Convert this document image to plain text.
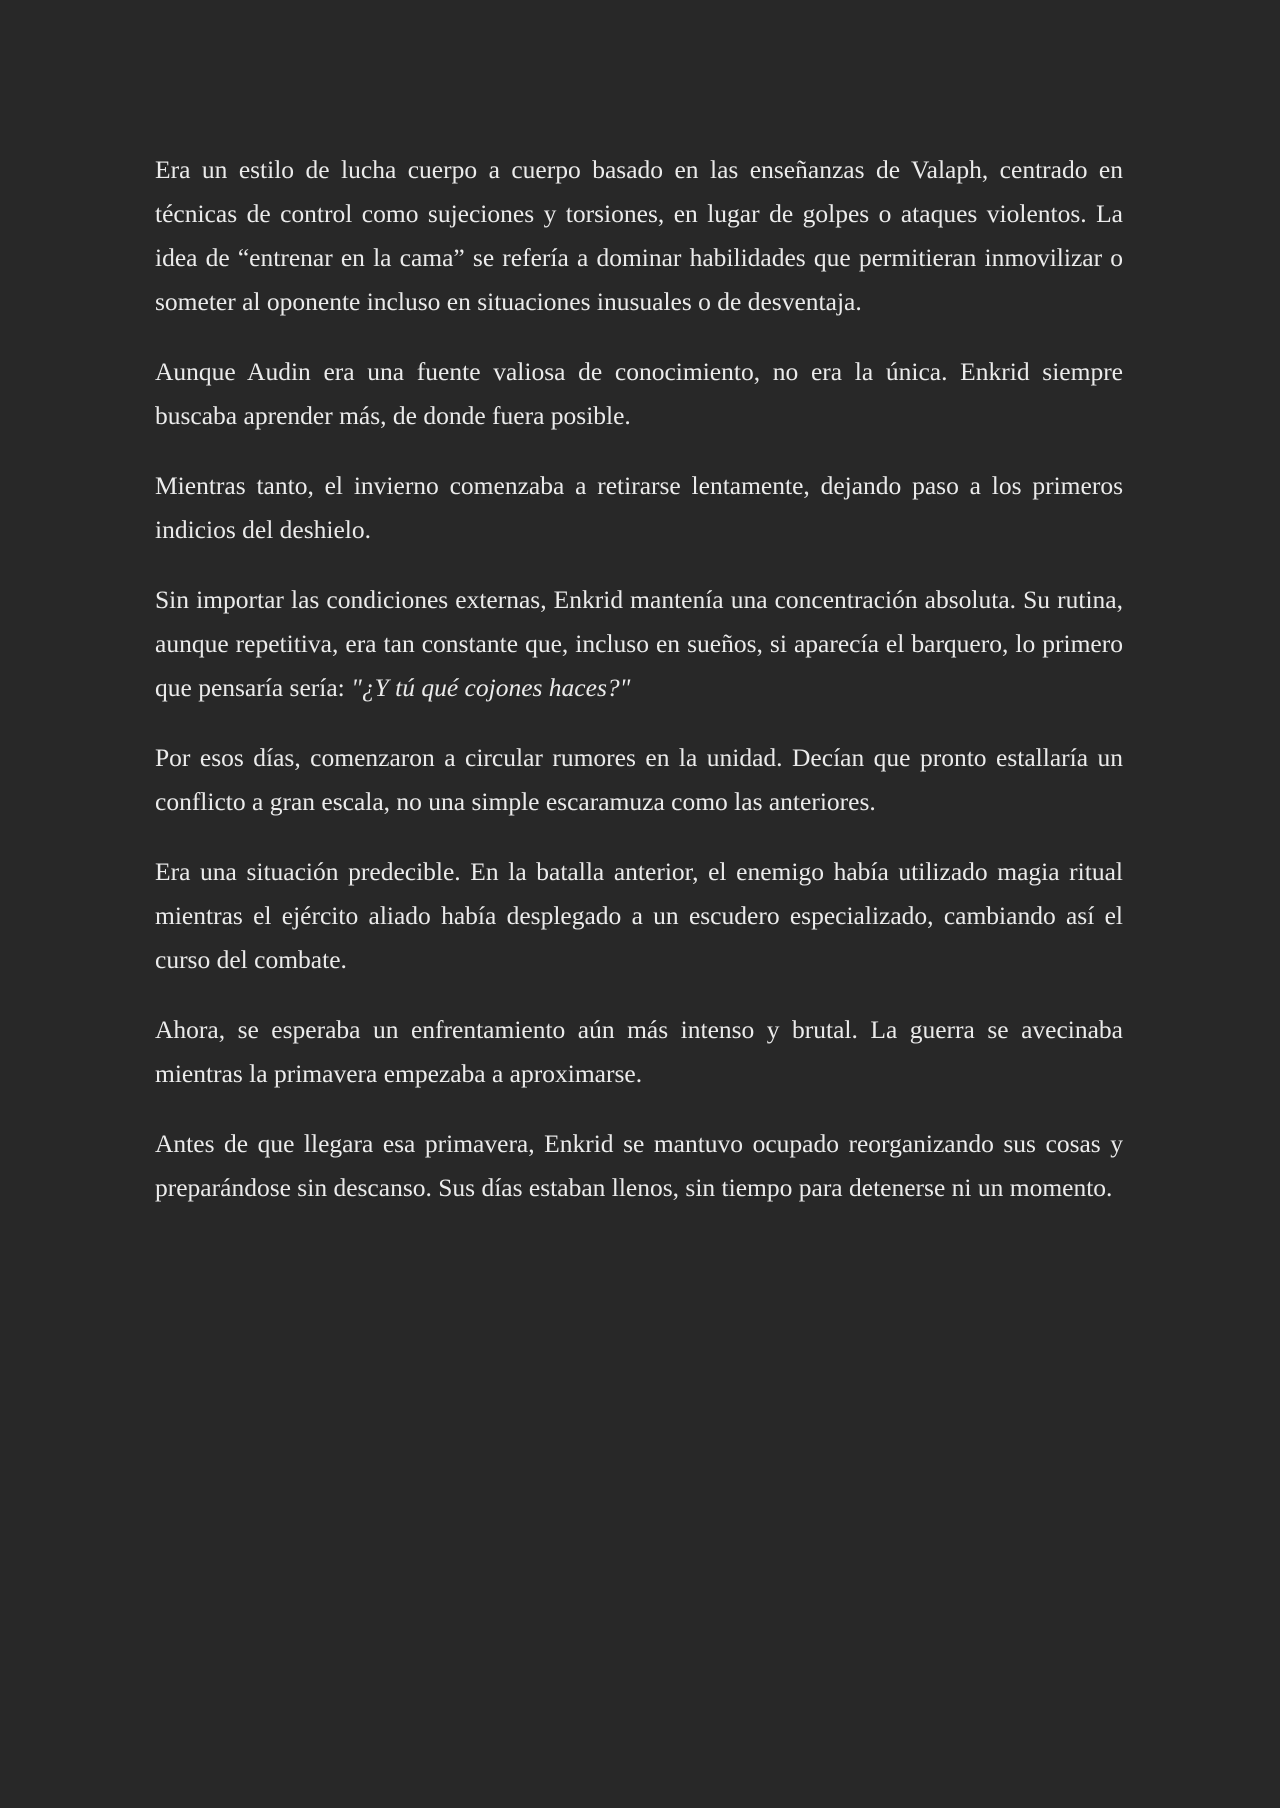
Era un estilo de lucha cuerpo a cuerpo basado en las enseñanzas de Valaph, centrado en técnicas de control como sujeciones y torsiones, en lugar de golpes o ataques violentos. La idea de “entrenar en la cama” se refería a dominar habilidades que permitieran inmovilizar o someter al oponente incluso en situaciones inusuales o de desventaja.

Aunque Audin era una fuente valiosa de conocimiento, no era la única. Enkrid siempre buscaba aprender más, de donde fuera posible.

Mientras tanto, el invierno comenzaba a retirarse lentamente, dejando paso a los primeros indicios del deshielo.

Sin importar las condiciones externas, Enkrid mantenía una concentración absoluta. Su rutina, aunque repetitiva, era tan constante que, incluso en sueños, si aparecía el barquero, lo primero que pensaría sería: "¿Y tú qué cojones haces?"

Por esos días, comenzaron a circular rumores en la unidad. Decían que pronto estallaría un conflicto a gran escala, no una simple escaramuza como las anteriores.

Era una situación predecible. En la batalla anterior, el enemigo había utilizado magia ritual mientras el ejército aliado había desplegado a un escudero especializado, cambiando así el curso del combate.

Ahora, se esperaba un enfrentamiento aún más intenso y brutal. La guerra se avecinaba mientras la primavera empezaba a aproximarse.

Antes de que llegara esa primavera, Enkrid se mantuvo ocupado reorganizando sus cosas y preparándose sin descanso. Sus días estaban llenos, sin tiempo para detenerse ni un momento.
